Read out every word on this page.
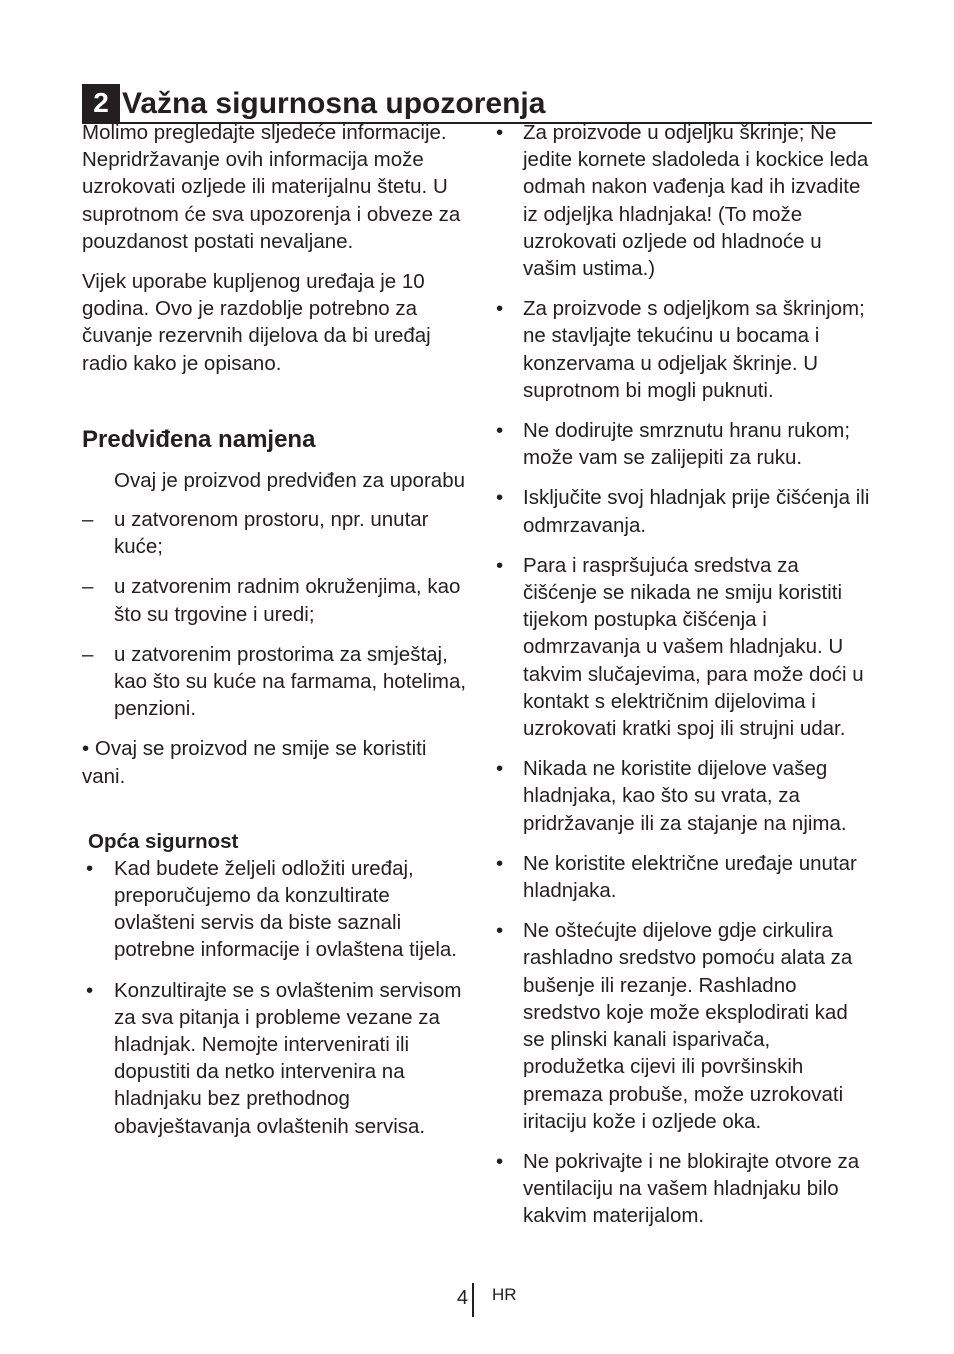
2 Važna sigurnosna upozorenja

Molimo pregledajte sljedeće informacije. Nepridržavanje ovih informacija može uzrokovati ozljede ili materijalnu štetu. U suprotnom će sva upozorenja i obveze za pouzdanost postati nevaljane.

Vijek uporabe kupljenog uređaja je 10 godina. Ovo je razdoblje potrebno za čuvanje rezervnih dijelova da bi uređaj radio kako je opisano.

Predviđena namjena

Ovaj je proizvod predviđen za uporabu

– u zatvorenom prostoru, npr. unutar kuće;
– u zatvorenim radnim okruženjima, kao što su trgovine i uredi;
– u zatvorenim prostorima za smještaj, kao što su kuće na farmama, hotelima, penzioni.

• Ovaj se proizvod ne smije se koristiti vani.

Opća sigurnost
• Kad budete željeli odložiti uređaj, preporučujemo da konzultirate ovlašteni servis da biste saznali potrebne informacije i ovlaštena tijela.
• Konzultirajte se s ovlaštenim servisom za sva pitanja i probleme vezane za hladnjak. Nemojte intervenirati ili dopustiti da netko intervenira na hladnjaku bez prethodnog obavještavanja ovlaštenih servisa.
• Za proizvode u odjeljku škrinje; Ne jedite kornete sladoleda i kockice leda odmah nakon vađenja kad ih izvadite iz odjeljka hladnjaka! (To može uzrokovati ozljede od hladnoće u vašim ustima.)
• Za proizvode s odjeljkom sa škrinjom; ne stavljajte tekućinu u bocama i konzervama u odjeljak škrinje. U suprotnom bi mogli puknuti.
• Ne dodirujte smrznutu hranu rukom; može vam se zalijepiti za ruku.
• Isključite svoj hladnjak prije čišćenja ili odmrzavanja.
• Para i raspršujuća sredstva za čišćenje se nikada ne smiju koristiti tijekom postupka čišćenja i odmrzavanja u vašem hladnjaku. U takvim slučajevima, para može doći u kontakt s električnim dijelovima i uzrokovati kratki spoj ili strujni udar.
• Nikada ne koristite dijelove vašeg hladnjaka, kao što su vrata, za pridržavanje ili za stajanje na njima.
• Ne koristite električne uređaje unutar hladnjaka.
• Ne oštećujte dijelove gdje cirkulira rashladno sredstvo pomoću alata za bušenje ili rezanje. Rashladno sredstvo koje može eksplodirati kad se plinski kanali isparivača, produžetka cijevi ili površinskih premaza probuše, može uzrokovati iritaciju kože i ozljede oka.
• Ne pokrivajte i ne blokirajte otvore za ventilaciju na vašem hladnjaku bilo kakvim materijalom.
4 HR
